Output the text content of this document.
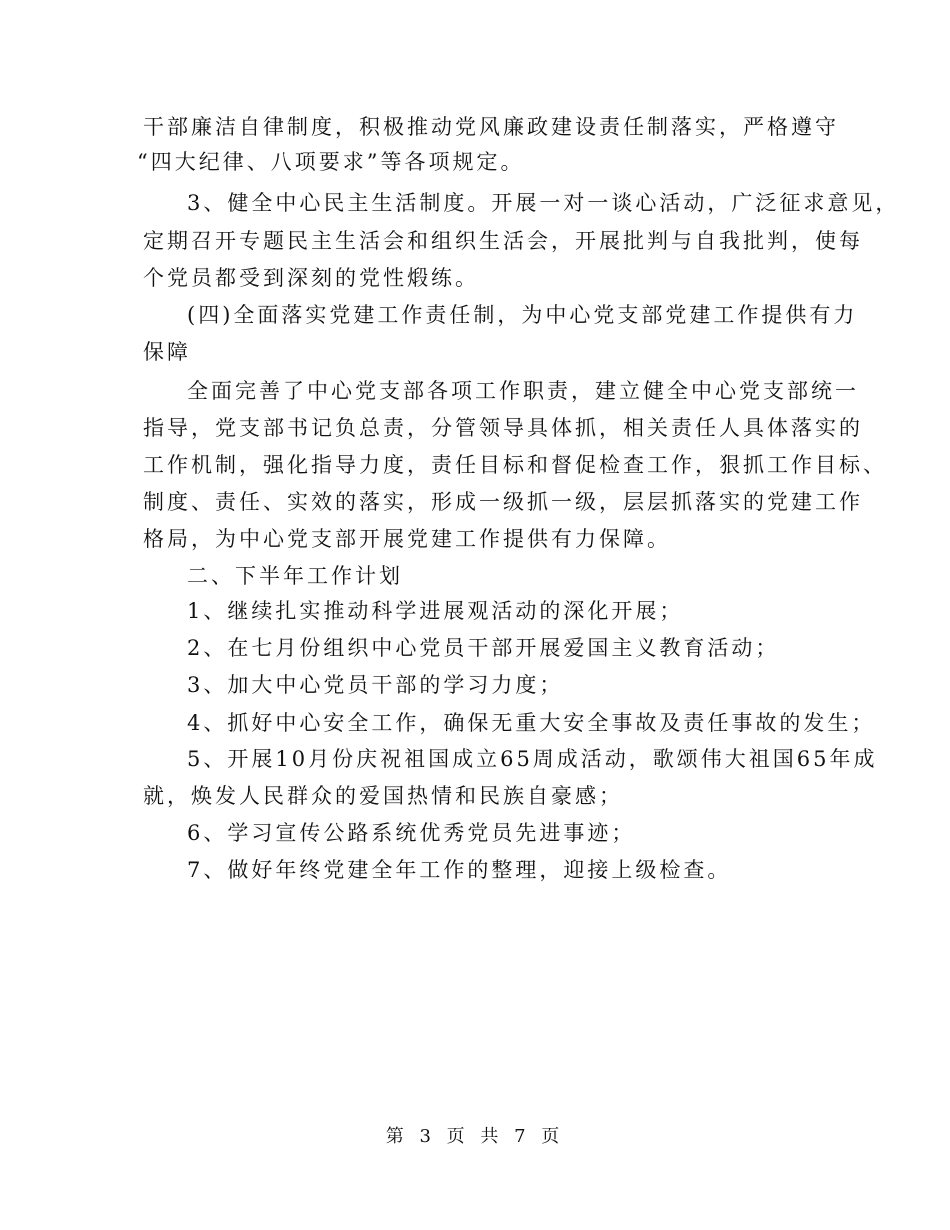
干部廉洁自律制度，积极推动党风廉政建设责任制落实，严格遵守
“四大纪律、八项要求”等各项规定。
3、健全中心民主生活制度。开展一对一谈心活动，广泛征求意见，
定期召开专题民主生活会和组织生活会，开展批判与自我批判，使每
个党员都受到深刻的党性煅练。
(四)全面落实党建工作责任制，为中心党支部党建工作提供有力
保障
全面完善了中心党支部各项工作职责，建立健全中心党支部统一
指导，党支部书记负总责，分管领导具体抓，相关责任人具体落实的
工作机制，强化指导力度，责任目标和督促检查工作，狠抓工作目标、
制度、责任、实效的落实，形成一级抓一级，层层抓落实的党建工作
格局，为中心党支部开展党建工作提供有力保障。
二、下半年工作计划
1、继续扎实推动科学进展观活动的深化开展；
2、在七月份组织中心党员干部开展爱国主义教育活动；
3、加大中心党员干部的学习力度；
4、抓好中心安全工作，确保无重大安全事故及责任事故的发生；
5、开展10月份庆祝祖国成立65周成活动，歌颂伟大祖国65年成
就，焕发人民群众的爱国热情和民族自豪感；
6、学习宣传公路系统优秀党员先进事迹；
7、做好年终党建全年工作的整理，迎接上级检查。
第 3 页 共 7 页
